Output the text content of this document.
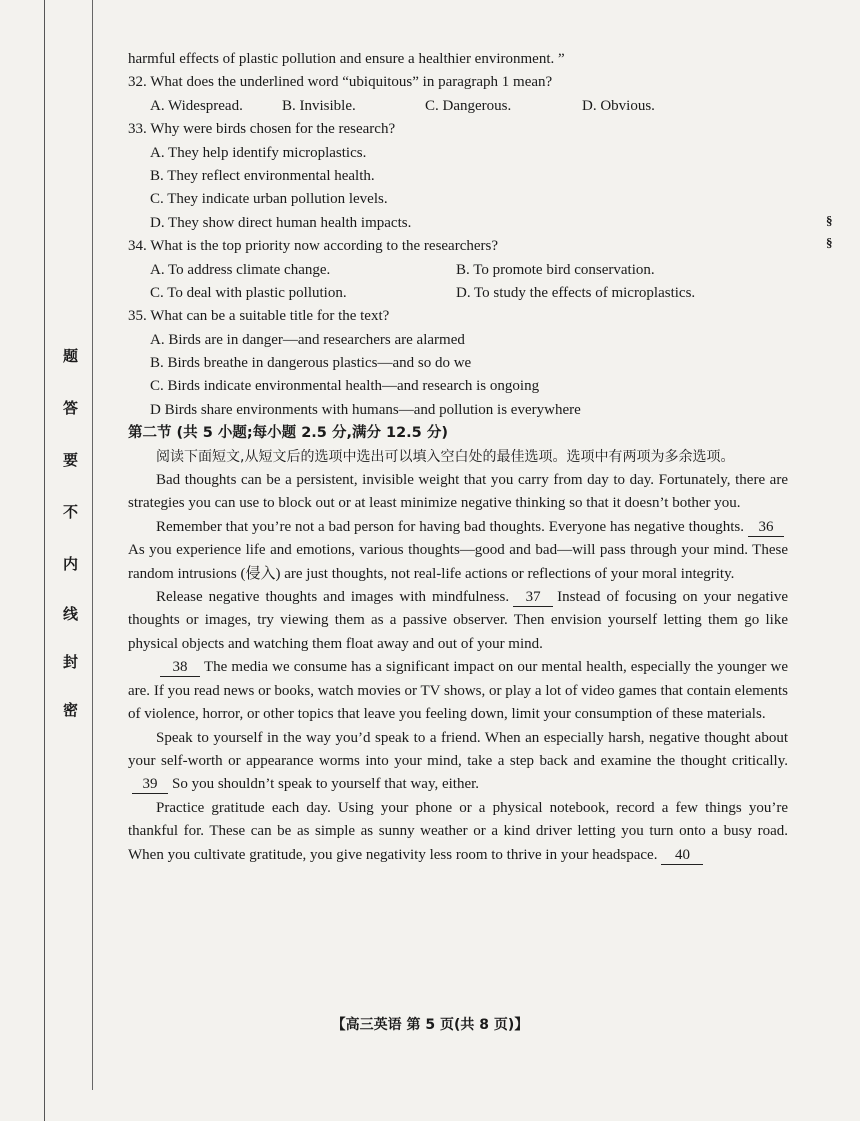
题
答
要
不
内
线
封
密
§
§
harmful effects of plastic pollution and ensure a healthier environment. ”
32. What does the underlined word “ubiquitous” in paragraph 1 mean?
A. Widespread.	B. Invisible.	C. Dangerous.	D. Obvious.
33. Why were birds chosen for the research?
A. They help identify microplastics.
B. They reflect environmental health.
C. They indicate urban pollution levels.
D. They show direct human health impacts.
34. What is the top priority now according to the researchers?
A. To address climate change.	B. To promote bird conservation.
C. To deal with plastic pollution.	D. To study the effects of microplastics.
35. What can be a suitable title for the text?
A. Birds are in danger—and researchers are alarmed
B. Birds breathe in dangerous plastics—and so do we
C. Birds indicate environmental health—and research is ongoing
D Birds share environments with humans—and pollution is everywhere
第二节 (共 5 小题;每小题 2.5 分,满分 12.5 分)

阅读下面短文,从短文后的选项中选出可以填入空白处的最佳选项。选项中有两项为多余选项。

Bad thoughts can be a persistent, invisible weight that you carry from day to day. Fortunately, there are strategies you can use to block out or at least minimize negative thinking so that it doesn’t bother you.

Remember that you’re not a bad person for having bad thoughts. Everyone has negative thoughts. 36As you experience life and emotions, various thoughts—good and bad—will pass through your mind. These random intrusions (侵入) are just thoughts, not real-life actions or reflections of your moral integrity.

Release negative thoughts and images with mindfulness. 37 Instead of focusing on your negative thoughts or images, try viewing them as a passive observer. Then envision yourself letting them go like physical objects and watching them float away and out of your mind.

38 The media we consume has a significant impact on our mental health, especially the younger we are. If you read news or books, watch movies or TV shows, or play a lot of video games that contain elements of violence, horror, or other topics that leave you feeling down, limit your consumption of these materials.

Speak to yourself in the way you’d speak to a friend. When an especially harsh, negative thought about your self-worth or appearance worms into your mind, take a step back and examine the thought critically.39 So you shouldn’t speak to yourself that way, either.

Practice gratitude each day. Using your phone or a physical notebook, record a few things you’re thankful for. These can be as simple as sunny weather or a kind driver letting you turn onto a busy road. When you cultivate gratitude, you give negativity less room to thrive in your headspace. 40

【高三英语 第 5 页(共 8 页)】
